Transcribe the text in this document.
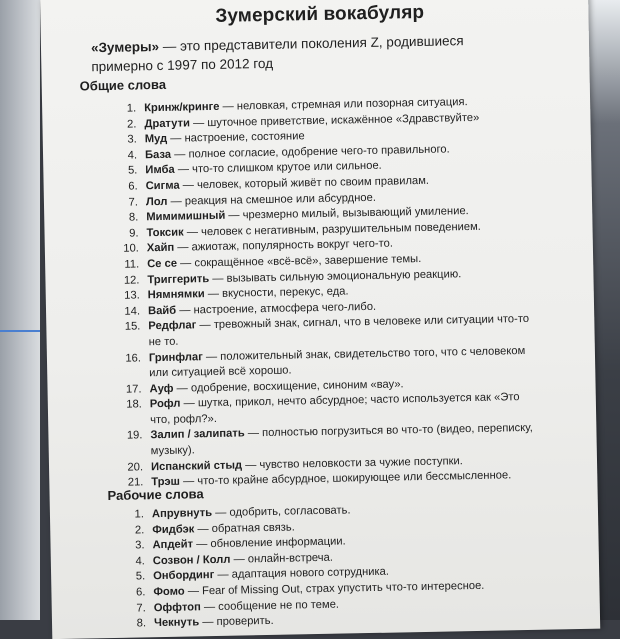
Зумерский вокабуляр
«Зумеры» — это представители поколения Z, родившиеся примерно с 1997 по 2012 год
Общие слова
1. Кринж/кринге — неловкая, стремная или позорная ситуация.
2. Дратути — шуточное приветствие, искажённое «Здравствуйте»
3. Муд — настроение, состояние
4. База — полное согласие, одобрение чего-то правильного.
5. Имба — что-то слишком крутое или сильное.
6. Сигма — человек, который живёт по своим правилам.
7. Лол — реакция на смешное или абсурдное.
8. Мимимишный — чрезмерно милый, вызывающий умиление.
9. Токсик — человек с негативным, разрушительным поведением.
10. Хайп — ажиотаж, популярность вокруг чего-то.
11. Се се — сокращённое «всё-всё», завершение темы.
12. Триггерить — вызывать сильную эмоциональную реакцию.
13. Нямнямки — вкусности, перекус, еда.
14. Вайб — настроение, атмосфера чего-либо.
15. Редфлаг — тревожный знак, сигнал, что в человеке или ситуации что-то не то.
16. Гринфлаг — положительный знак, свидетельство того, что с человеком или ситуацией всё хорошо.
17. Ауф — одобрение, восхищение, синоним «вау».
18. Рофл — шутка, прикол, нечто абсурдное; часто используется как «Это что, рофл?».
19. Залип / залипать — полностью погрузиться во что-то (видео, переписку, музыку).
20. Испанский стыд — чувство неловкости за чужие поступки.
21. Трэш — что-то крайне абсурдное, шокирующее или бессмысленное.
Рабочие слова
1. Апрувнуть — одобрить, согласовать.
2. Фидбэк — обратная связь.
3. Апдейт — обновление информации.
4. Созвон / Колл — онлайн-встреча.
5. Онбординг — адаптация нового сотрудника.
6. Фомо — Fear of Missing Out, страх упустить что-то интересное.
7. Оффтоп — сообщение не по теме.
8. Чекнуть — проверить.
